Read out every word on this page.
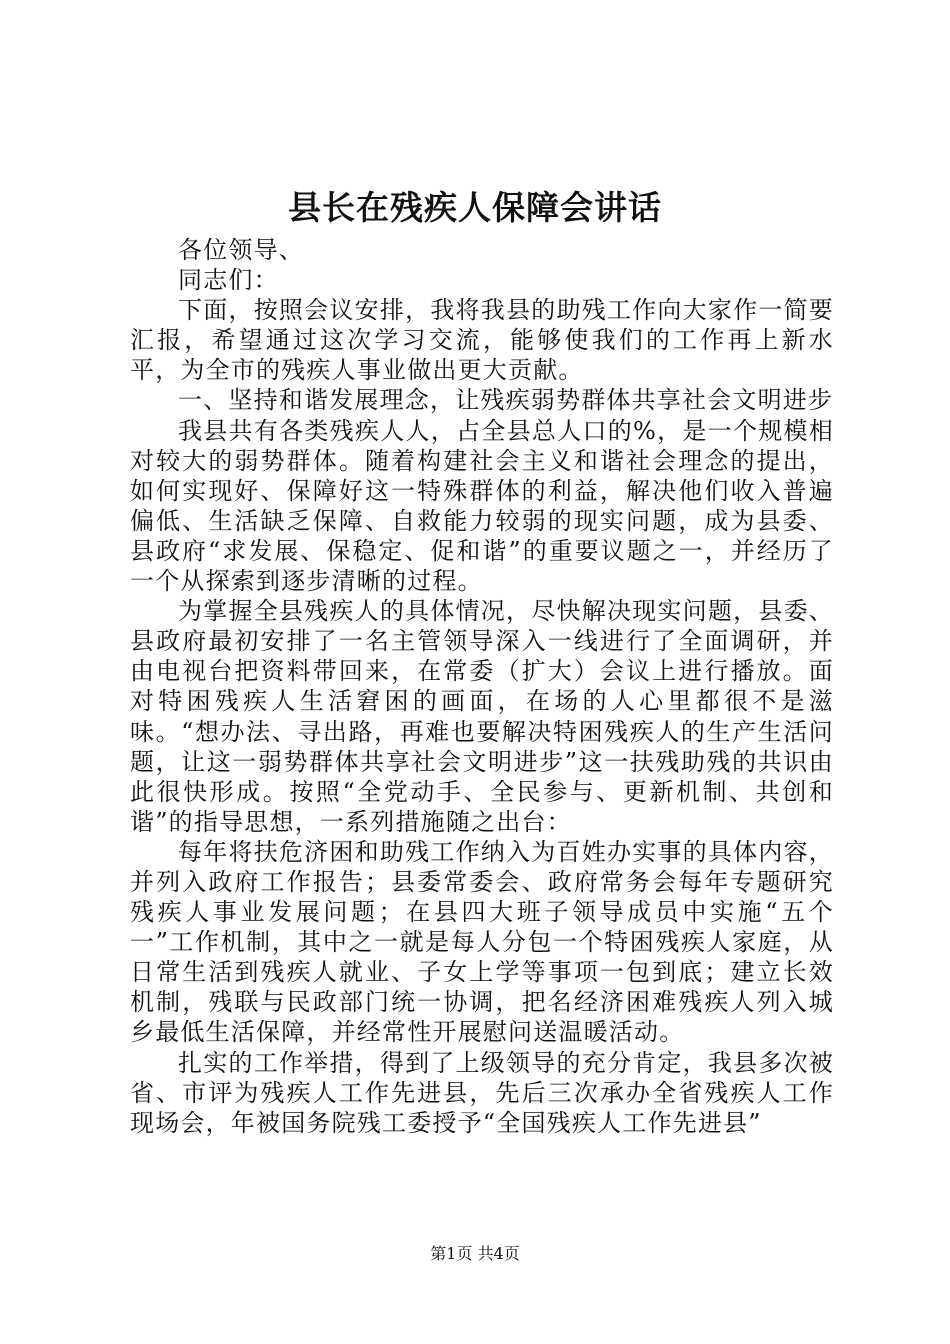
县长在残疾人保障会讲话

各位领导、

同志们：

下面，按照会议安排，我将我县的助残工作向大家作一简要汇报，希望通过这次学习交流，能够使我们的工作再上新水平，为全市的残疾人事业做出更大贡献。

一、坚持和谐发展理念，让残疾弱势群体共享社会文明进步

我县共有各类残疾人人，占全县总人口的%，是一个规模相对较大的弱势群体。随着构建社会主义和谐社会理念的提出，如何实现好、保障好这一特殊群体的利益，解决他们收入普遍偏低、生活缺乏保障、自救能力较弱的现实问题，成为县委、县政府“求发展、保稳定、促和谐”的重要议题之一，并经历了一个从探索到逐步清晰的过程。

为掌握全县残疾人的具体情况，尽快解决现实问题，县委、县政府最初安排了一名主管领导深入一线进行了全面调研，并由电视台把资料带回来，在常委（扩大）会议上进行播放。面对特困残疾人生活窘困的画面，在场的人心里都很不是滋味。“想办法、寻出路，再难也要解决特困残疾人的生产生活问题，让这一弱势群体共享社会文明进步”这一扶残助残的共识由此很快形成。按照“全党动手、全民参与、更新机制、共创和谐”的指导思想，一系列措施随之出台：

每年将扶危济困和助残工作纳入为百姓办实事的具体内容，并列入政府工作报告；县委常委会、政府常务会每年专题研究残疾人事业发展问题；在县四大班子领导成员中实施“五个一”工作机制，其中之一就是每人分包一个特困残疾人家庭，从日常生活到残疾人就业、子女上学等事项一包到底；建立长效机制，残联与民政部门统一协调，把名经济困难残疾人列入城乡最低生活保障，并经常性开展慰问送温暖活动。

扎实的工作举措，得到了上级领导的充分肯定，我县多次被省、市评为残疾人工作先进县，先后三次承办全省残疾人工作现场会，年被国务院残工委授予“全国残疾人工作先进县”

第1页 共4页
